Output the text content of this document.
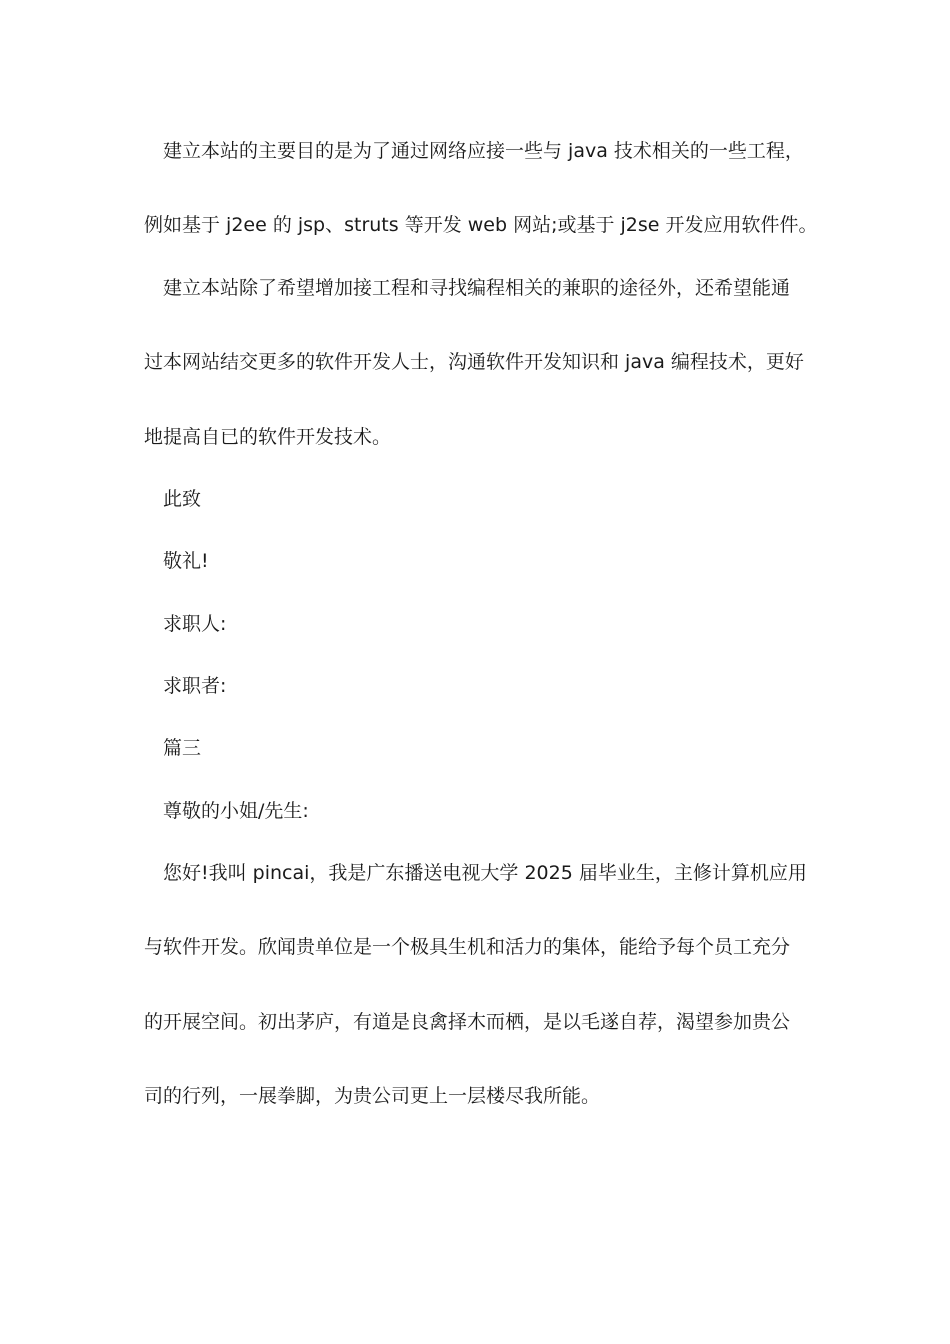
建立本站的主要目的是为了通过网络应接一些与 java 技术相关的一些工程，
例如基于 j2ee 的 jsp、struts 等开发 web 网站;或基于 j2se 开发应用软件件。
建立本站除了希望增加接工程和寻找编程相关的兼职的途径外，还希望能通
过本网站结交更多的软件开发人士，沟通软件开发知识和 java 编程技术，更好
地提高自已的软件开发技术。
此致
敬礼!
求职人:
求职者:
篇三
尊敬的小姐/先生:
您好!我叫 pincai，我是广东播送电视大学 2025 届毕业生，主修计算机应用
与软件开发。欣闻贵单位是一个极具生机和活力的集体，能给予每个员工充分
的开展空间。初出茅庐，有道是良禽择木而栖，是以毛遂自荐，渴望参加贵公
司的行列，一展拳脚，为贵公司更上一层楼尽我所能。
